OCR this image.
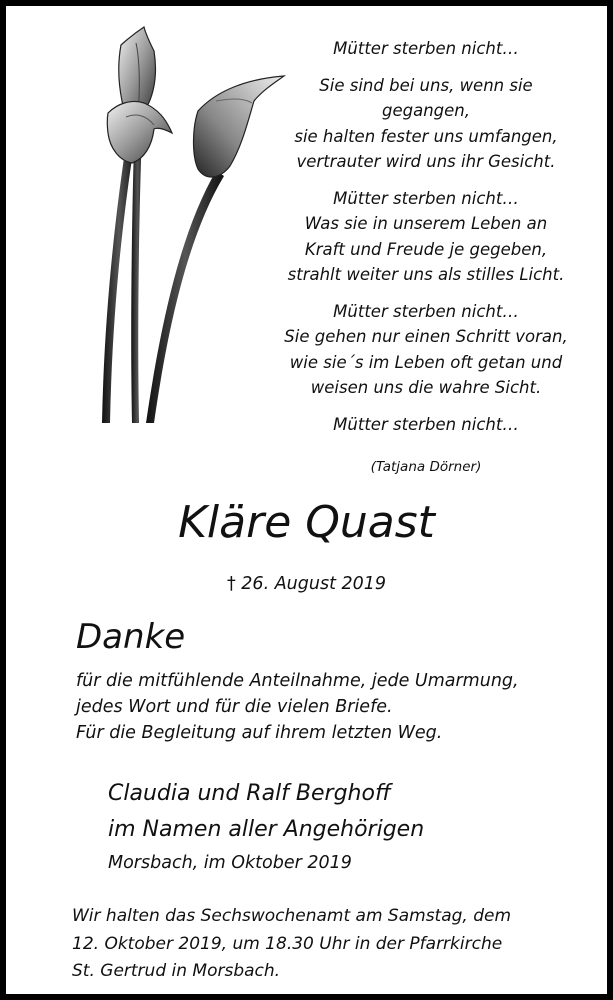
Mütter sterben nicht…
Sie sind bei uns, wenn sie
gegangen,
sie halten fester uns umfangen,
vertrauter wird uns ihr Gesicht.
Mütter sterben nicht…
Was sie in unserem Leben an
Kraft und Freude je gegeben,
strahlt weiter uns als stilles Licht.
Mütter sterben nicht…
Sie gehen nur einen Schritt voran,
wie sie´s im Leben oft getan und
weisen uns die wahre Sicht.
Mütter sterben nicht…
(Tatjana Dörner)
Kläre Quast
† 26. August 2019
Danke
für die mitfühlende Anteilnahme, jede Umarmung,
jedes Wort und für die vielen Briefe.
Für die Begleitung auf ihrem letzten Weg.
Claudia und Ralf Berghoff
im Namen aller Angehörigen
Morsbach, im Oktober 2019
Wir halten das Sechswochenamt am Samstag, dem
12. Oktober 2019, um 18.30 Uhr in der Pfarrkirche
St. Gertrud in Morsbach.
